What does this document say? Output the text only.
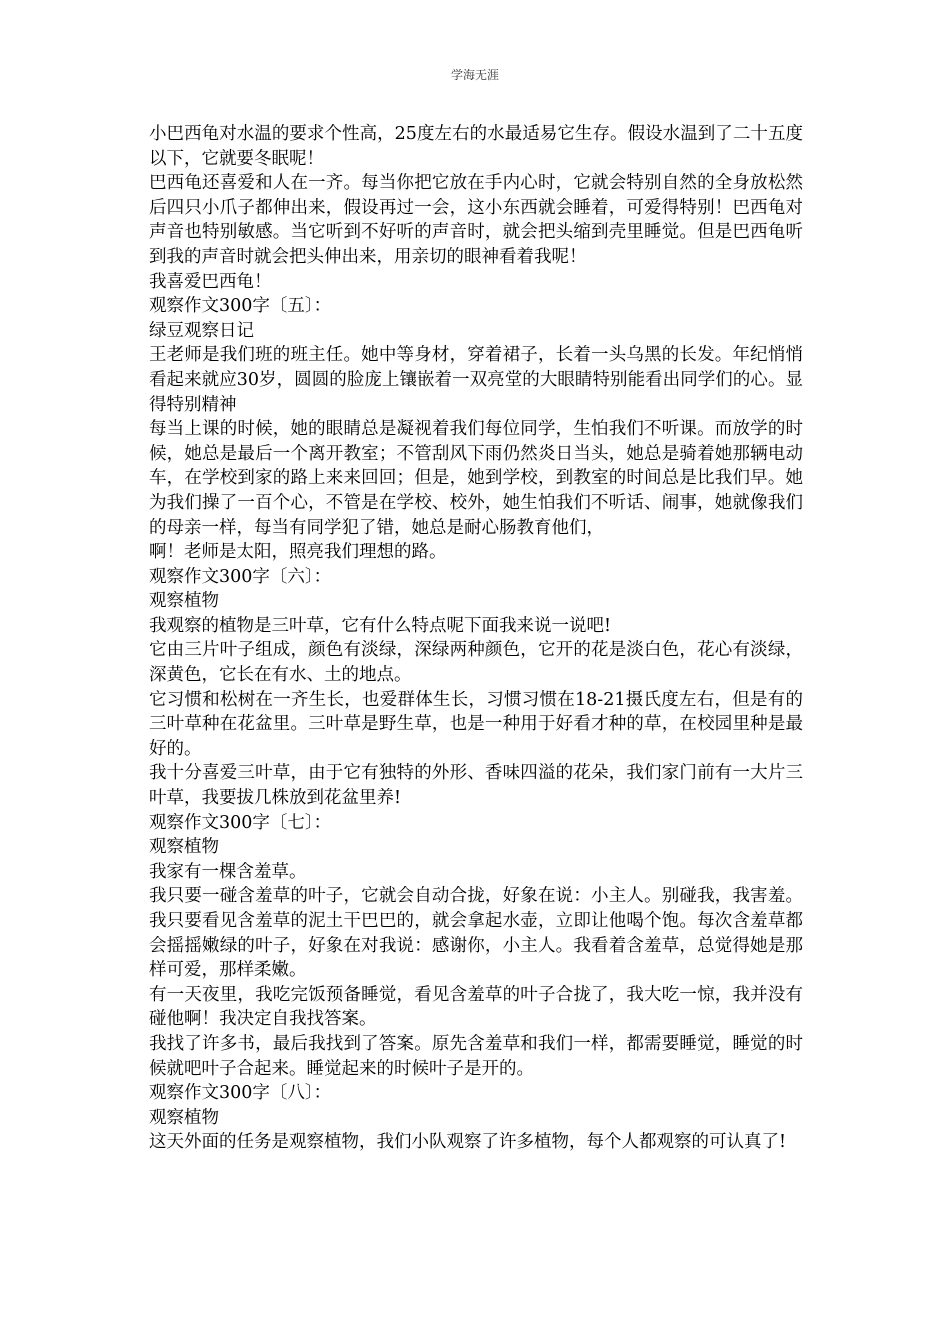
学海无涯

小巴西龟对水温的要求个性高，25度左右的水最适易它生存。假设水温到了二十五度以下，它就要冬眠呢！

巴西龟还喜爱和人在一齐。每当你把它放在手内心时，它就会特别自然的全身放松然后四只小爪子都伸出来，假设再过一会，这小东西就会睡着，可爱得特别！巴西龟对声音也特别敏感。当它听到不好听的声音时，就会把头缩到壳里睡觉。但是巴西龟听到我的声音时就会把头伸出来，用亲切的眼神看着我呢！

我喜爱巴西龟！

观察作文300字〔五〕：

绿豆观察日记

王老师是我们班的班主任。她中等身材，穿着裙子，长着一头乌黑的长发。年纪悄悄看起来就应30岁，圆圆的脸庞上镶嵌着一双亮堂的大眼睛特别能看出同学们的心。显得特别精神

每当上课的时候，她的眼睛总是凝视着我们每位同学，生怕我们不听课。而放学的时候，她总是最后一个离开教室；不管刮风下雨仍然炎日当头，她总是骑着她那辆电动车，在学校到家的路上来来回回；但是，她到学校，到教室的时间总是比我们早。她为我们操了一百个心，不管是在学校、校外，她生怕我们不听话、闹事，她就像我们的母亲一样，每当有同学犯了错，她总是耐心肠教育他们，

啊！老师是太阳，照亮我们理想的路。

观察作文300字〔六〕：

观察植物

我观察的植物是三叶草，它有什么特点呢下面我来说一说吧!

它由三片叶子组成，颜色有淡绿，深绿两种颜色，它开的花是淡白色，花心有淡绿，深黄色，它长在有水、土的地点。

它习惯和松树在一齐生长，也爱群体生长，习惯习惯在18-21摄氏度左右，但是有的三叶草种在花盆里。三叶草是野生草，也是一种用于好看才种的草，在校园里种是最好的。

我十分喜爱三叶草，由于它有独特的外形、香味四溢的花朵，我们家门前有一大片三叶草，我要拔几株放到花盆里养!

观察作文300字〔七〕：

观察植物

我家有一棵含羞草。

我只要一碰含羞草的叶子，它就会自动合拢，好象在说：小主人。别碰我，我害羞。我只要看见含羞草的泥土干巴巴的，就会拿起水壶，立即让他喝个饱。每次含羞草都会摇摇嫩绿的叶子，好象在对我说：感谢你，小主人。我看着含羞草，总觉得她是那样可爱，那样柔嫩。

有一天夜里，我吃完饭预备睡觉，看见含羞草的叶子合拢了，我大吃一惊，我并没有碰他啊！我决定自我找答案。

我找了许多书，最后我找到了答案。原先含羞草和我们一样，都需要睡觉，睡觉的时候就吧叶子合起来。睡觉起来的时候叶子是开的。

观察作文300字〔八〕：

观察植物

这天外面的任务是观察植物，我们小队观察了许多植物，每个人都观察的可认真了!
